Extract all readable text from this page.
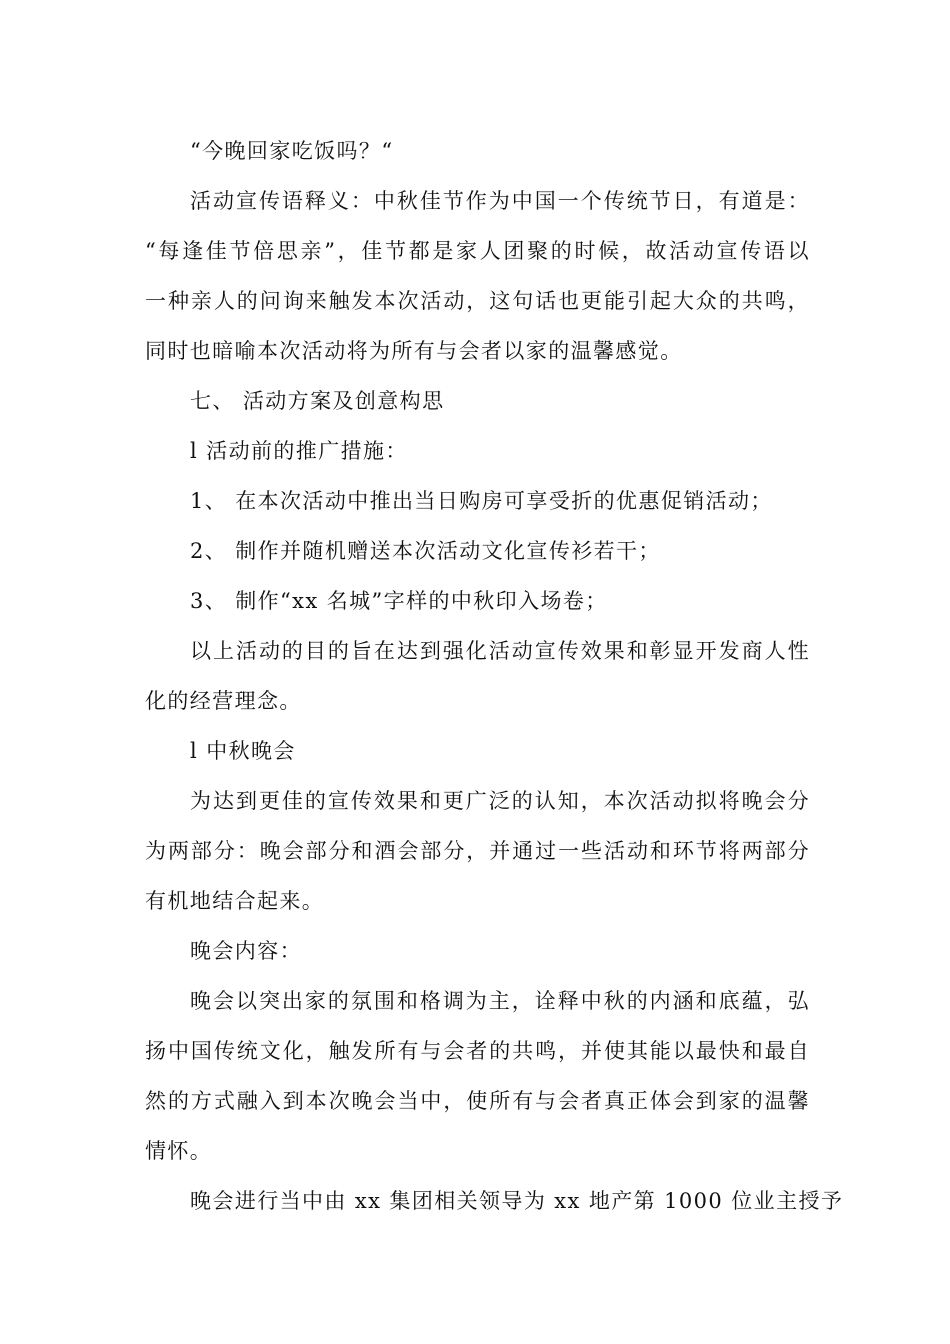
“今晚回家吃饭吗？“
活动宣传语释义：中秋佳节作为中国一个传统节日，有道是：
“每逢佳节倍思亲”，佳节都是家人团聚的时候，故活动宣传语以
一种亲人的问询来触发本次活动，这句话也更能引起大众的共鸣，
同时也暗喻本次活动将为所有与会者以家的温馨感觉。
七、 活动方案及创意构思
l 活动前的推广措施：
1、 在本次活动中推出当日购房可享受折的优惠促销活动；
2、 制作并随机赠送本次活动文化宣传衫若干；
3、 制作“xx 名城”字样的中秋印入场卷；
以上活动的目的旨在达到强化活动宣传效果和彰显开发商人性
化的经营理念。
l 中秋晚会
为达到更佳的宣传效果和更广泛的认知，本次活动拟将晚会分
为两部分：晚会部分和酒会部分，并通过一些活动和环节将两部分
有机地结合起来。
晚会内容：
晚会以突出家的氛围和格调为主，诠释中秋的内涵和底蕴，弘
扬中国传统文化，触发所有与会者的共鸣，并使其能以最快和最自
然的方式融入到本次晚会当中，使所有与会者真正体会到家的温馨
情怀。
晚会进行当中由 xx 集团相关领导为 xx 地产第 1000 位业主授予
